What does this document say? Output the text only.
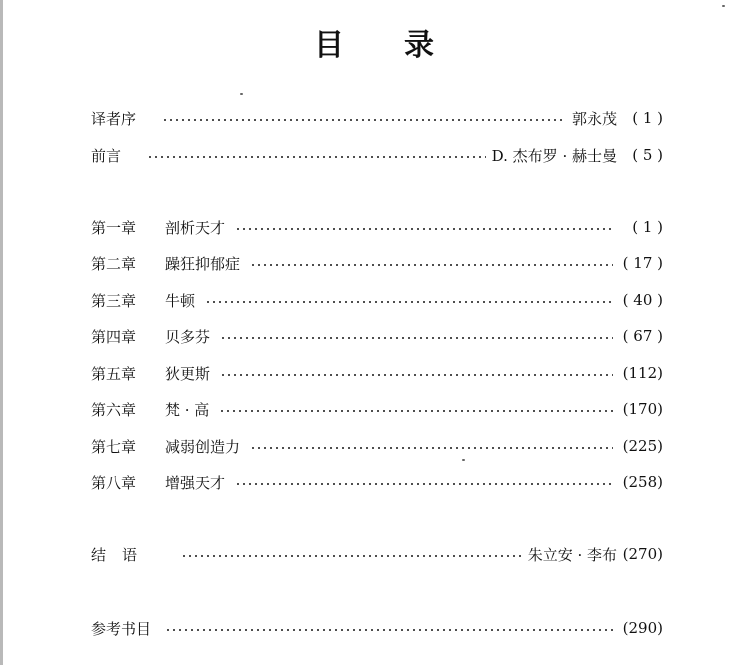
目 录
译者序	郭永茂	( 1 )
前言	D. 杰布罗 · 赫士曼	( 5 )
第一章	剖析天才	( 1 )
第二章	躁狂抑郁症	( 17 )
第三章	牛顿	( 40 )
第四章	贝多芬	( 67 )
第五章	狄更斯	(112)
第六章	梵 · 高	(170)
第七章	减弱创造力	(225)
第八章	增强天才	(258)
结语	朱立安 · 李布 (270)
参考书目	(290)
